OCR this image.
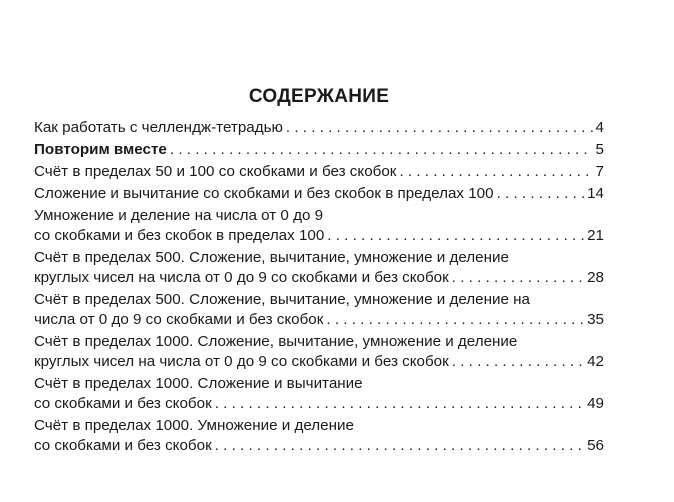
СОДЕРЖАНИЕ
Как работать с челлендж-тетрадью . . .	4
Повторим вместе . . .	5
Счёт в пределах 50 и 100 со скобками и без скобок . . .	7
Сложение и вычитание со скобками и без скобок в пределах 100 . . .	14
Умножение и деление на числа от 0 до 9
со скобками и без скобок в пределах 100 . . .	21
Счёт в пределах 500. Сложение, вычитание, умножение и деление
круглых чисел на числа от 0 до 9 со скобками и без скобок . . .	28
Счёт в пределах 500. Сложение, вычитание, умножение и деление на
числа от 0 до 9 со скобками и без скобок . . .	35
Счёт в пределах 1000. Сложение, вычитание, умножение и деление
круглых чисел на числа от 0 до 9 со скобками и без скобок . . .	42
Счёт в пределах 1000. Сложение и вычитание
со скобками и без скобок . . .	49
Счёт в пределах 1000. Умножение и деление
со скобками и без скобок . . .	56
